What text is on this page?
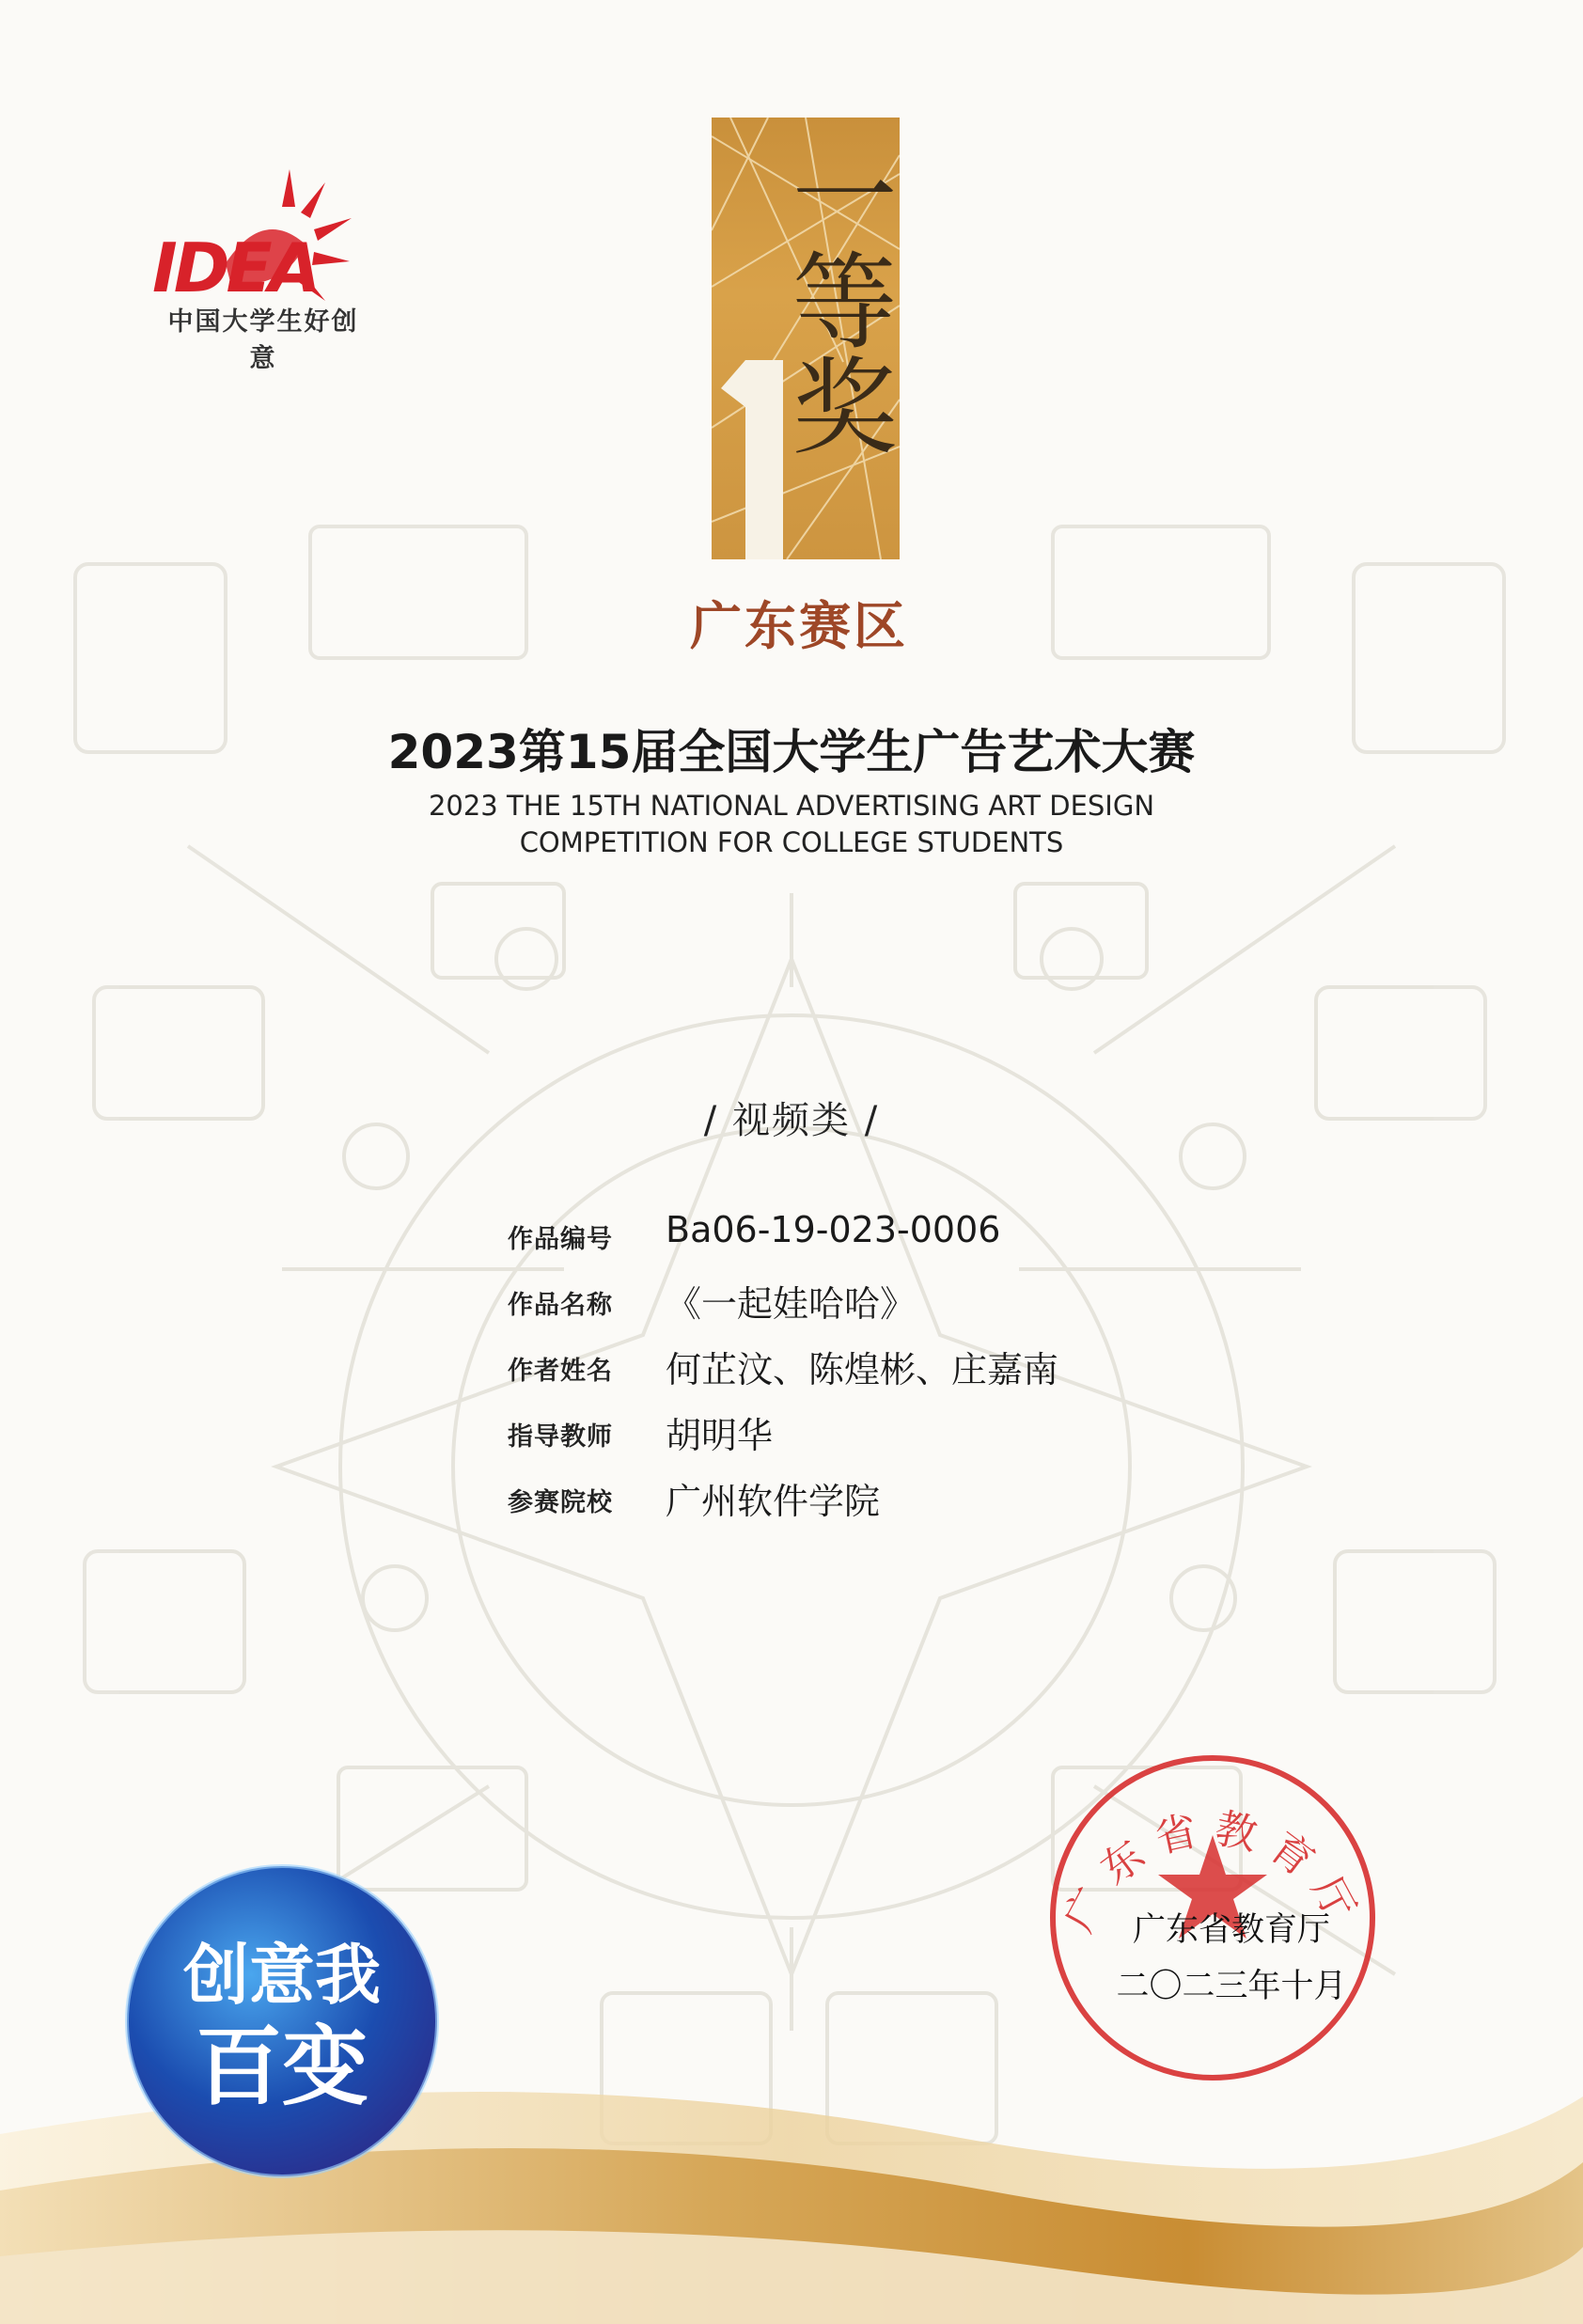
IDEA
中国大学生好创意	一等奖
广东赛区
2023第15届全国大学生广告艺术大赛
2023 THE 15TH NATIONAL ADVERTISING ART DESIGN
COMPETITION FOR COLLEGE STUDENTS
/ 视频类 /
作品编号	Ba06-19-023-0006
作品名称	《一起娃哈哈》
作者姓名	何芷汶、陈煌彬、庄嘉南
指导教师	胡明华
参赛院校	广州软件学院
创意我
百变
广东省教育厅
广东省教育厅
二〇二三年十月
